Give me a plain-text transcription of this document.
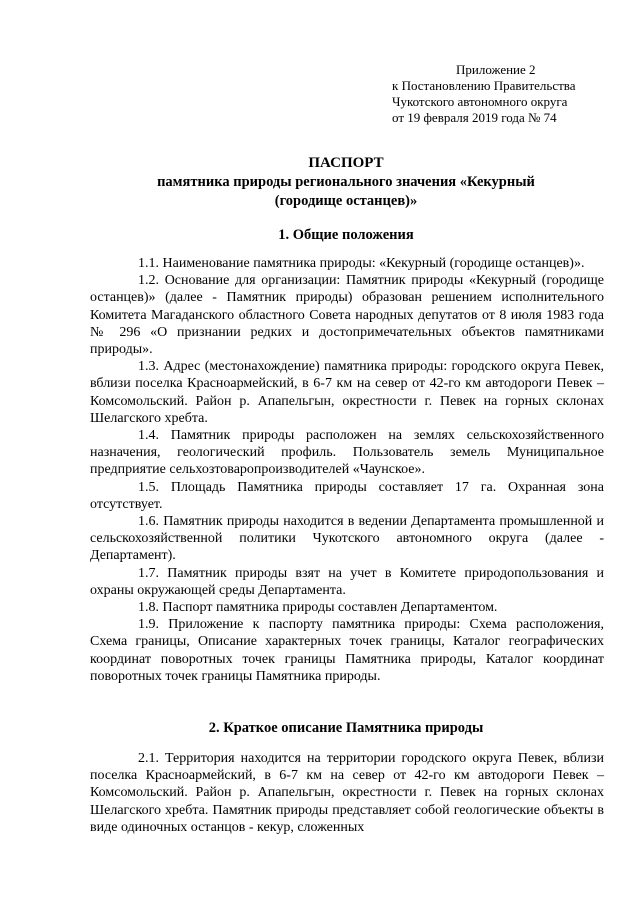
Приложение 2
к Постановлению Правительства
Чукотского автономного округа
от 19 февраля 2019 года № 74
ПАСПОРТ
памятника природы регионального значения «Кекурный
(городище останцев)»
1. Общие положения

1.1. Наименование памятника природы: «Кекурный (городище останцев)».

1.2. Основание для организации: Памятник природы «Кекурный (городище останцев)» (далее - Памятник природы) образован решением исполнительного Комитета Магаданского областного Совета народных депутатов от 8 июля 1983 года № 296 «О признании редких и достопримечательных объектов памятниками природы».

1.3. Адрес (местонахождение) памятника природы: городского округа Певек, вблизи поселка Красноармейский, в 6-7 км на север от 42-го км автодороги Певек – Комсомольский. Район р. Апапельгын, окрестности г. Певек на горных склонах Шелагского хребта.

1.4. Памятник природы расположен на землях сельскохозяйственного назначения, геологический профиль. Пользователь земель Муниципальное предприятие сельхозтоваропроизводителей «Чаунское».

1.5. Площадь Памятника природы составляет 17 га. Охранная зона отсутствует.

1.6. Памятник природы находится в ведении Департамента промышленной и сельскохозяйственной политики Чукотского автономного округа (далее - Департамент).

1.7. Памятник природы взят на учет в Комитете природопользования и охраны окружающей среды Департамента.

1.8. Паспорт памятника природы составлен Департаментом.

1.9. Приложение к паспорту памятника природы: Схема расположения, Схема границы, Описание характерных точек границы, Каталог географических координат поворотных точек границы Памятника природы, Каталог координат поворотных точек границы Памятника природы.

2. Краткое описание Памятника природы

2.1. Территория находится на территории городского округа Певек, вблизи поселка Красноармейский, в 6-7 км на север от 42-го км автодороги Певек – Комсомольский. Район р. Апапельгын, окрестности г. Певек на горных склонах Шелагского хребта. Памятник природы представляет собой геологические объекты в виде одиночных останцов - кекур, сложенных
